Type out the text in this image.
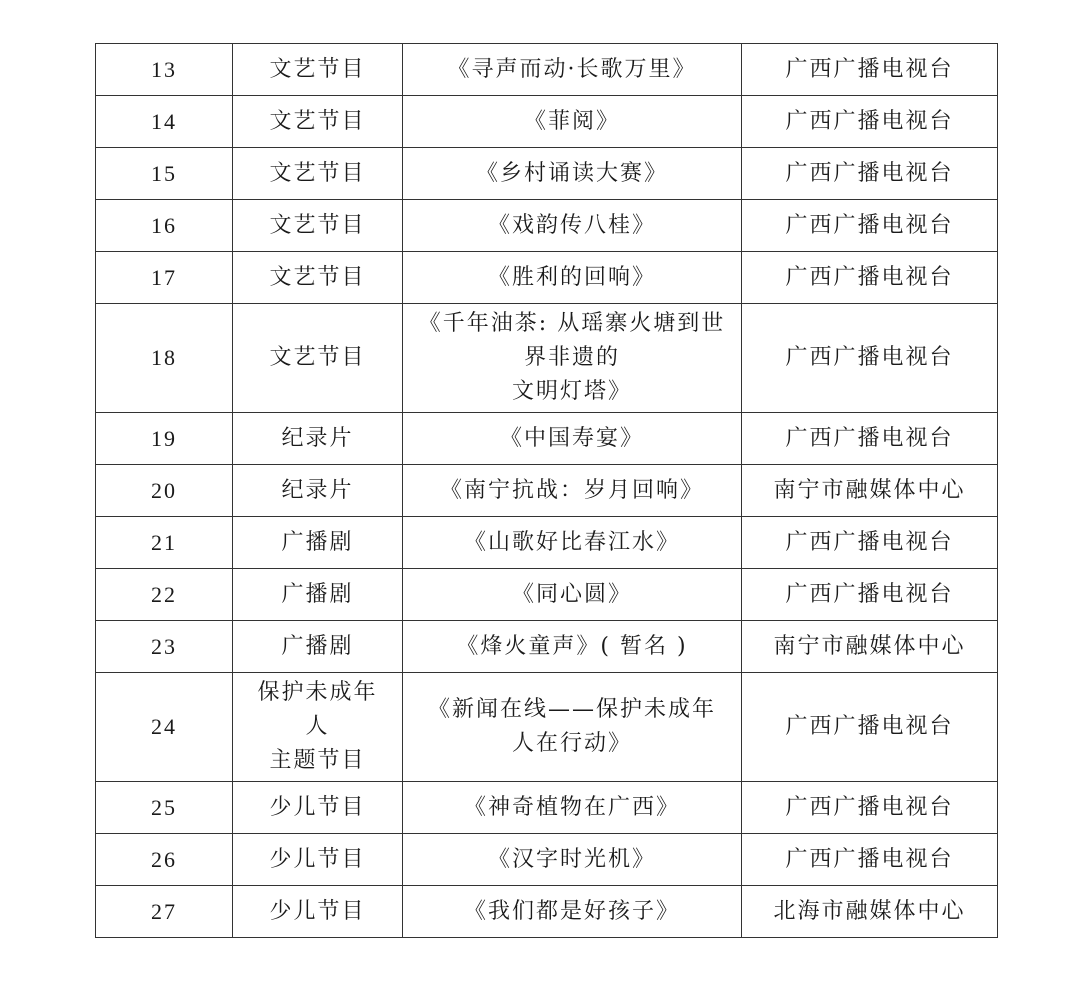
13	文艺节目	《寻声而动·长歌万里》	广西广播电视台
14	文艺节目	《菲阅》	广西广播电视台
15	文艺节目	《乡村诵读大赛》	广西广播电视台
16	文艺节目	《戏韵传八桂》	广西广播电视台
17	文艺节目	《胜利的回响》	广西广播电视台
18	文艺节目	《千年油茶: 从瑶寨火塘到世
界非遗的
文明灯塔》	广西广播电视台
19	纪录片	《中国寿宴》	广西广播电视台
20	纪录片	《南宁抗战：岁月回响》	南宁市融媒体中心
21	广播剧	《山歌好比春江水》	广西广播电视台
22	广播剧	《同心圆》	广西广播电视台
23	广播剧	《烽火童声》( 暂名 )	南宁市融媒体中心
24	保护未成年
人
主题节目	《新闻在线——保护未成年
人在行动》	广西广播电视台
25	少儿节目	《神奇植物在广西》	广西广播电视台
26	少儿节目	《汉字时光机》	广西广播电视台
27	少儿节目	《我们都是好孩子》	北海市融媒体中心
